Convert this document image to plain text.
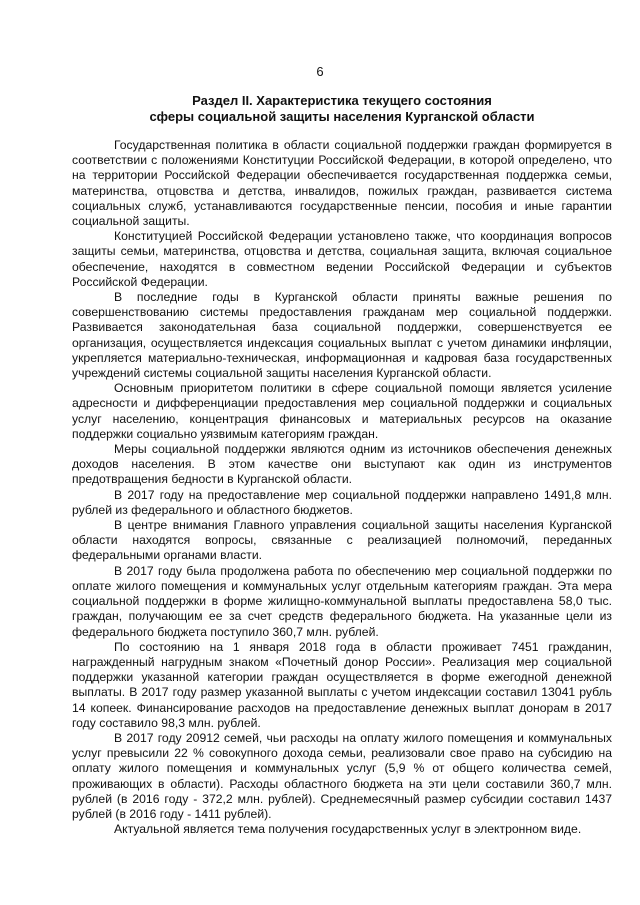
6
Раздел II. Характеристика текущего состояния
сферы социальной защиты населения Курганской области

Государственная политика в области социальной поддержки граждан формируется в соответствии с положениями Конституции Российской Федерации, в которой определено, что на территории Российской Федерации обеспечивается государственная поддержка семьи, материнства, отцовства и детства, инвалидов, пожилых граждан, развивается система социальных служб, устанавливаются государственные пенсии, пособия и иные гарантии социальной защиты.

Конституцией Российской Федерации установлено также, что координация вопросов защиты семьи, материнства, отцовства и детства, социальная защита, включая социальное обеспечение, находятся в совместном ведении Российской Федерации и субъектов Российской Федерации.

В последние годы в Курганской области приняты важные решения по совершенствованию системы предоставления гражданам мер социальной поддержки. Развивается законодательная база социальной поддержки, совершенствуется ее организация, осуществляется индексация социальных выплат с учетом динамики инфляции, укрепляется материально-техническая, информационная и кадровая база государственных учреждений системы социальной защиты населения Курганской области.

Основным приоритетом политики в сфере социальной помощи является усиление адресности и дифференциации предоставления мер социальной поддержки и социальных услуг населению, концентрация финансовых и материальных ресурсов на оказание поддержки социально уязвимым категориям граждан.

Меры социальной поддержки являются одним из источников обеспечения денежных доходов населения. В этом качестве они выступают как один из инструментов предотвращения бедности в Курганской области.

В 2017 году на предоставление мер социальной поддержки направлено 1491,8 млн. рублей из федерального и областного бюджетов.

В центре внимания Главного управления социальной защиты населения Курганской области находятся вопросы, связанные с реализацией полномочий, переданных федеральными органами власти.

В 2017 году была продолжена работа по обеспечению мер социальной поддержки по оплате жилого помещения и коммунальных услуг отдельным категориям граждан. Эта мера социальной поддержки в форме жилищно-коммунальной выплаты предоставлена 58,0 тыс. граждан, получающим ее за счет средств федерального бюджета. На указанные цели из федерального бюджета поступило 360,7 млн. рублей.

По состоянию на 1 января 2018 года в области проживает 7451 гражданин, награжденный нагрудным знаком «Почетный донор России». Реализация мер социальной поддержки указанной категории граждан осуществляется в форме ежегодной денежной выплаты. В 2017 году размер указанной выплаты с учетом индексации составил 13041 рубль 14 копеек. Финансирование расходов на предоставление денежных выплат донорам в 2017 году составило 98,3 млн. рублей.

В 2017 году 20912 семей, чьи расходы на оплату жилого помещения и коммунальных услуг превысили 22 % совокупного дохода семьи, реализовали свое право на субсидию на оплату жилого помещения и коммунальных услуг (5,9 % от общего количества семей, проживающих в области). Расходы областного бюджета на эти цели составили 360,7 млн. рублей (в 2016 году - 372,2 млн. рублей). Среднемесячный размер субсидии составил 1437 рублей (в 2016 году - 1411 рублей).

Актуальной является тема получения государственных услуг в электронном виде.
